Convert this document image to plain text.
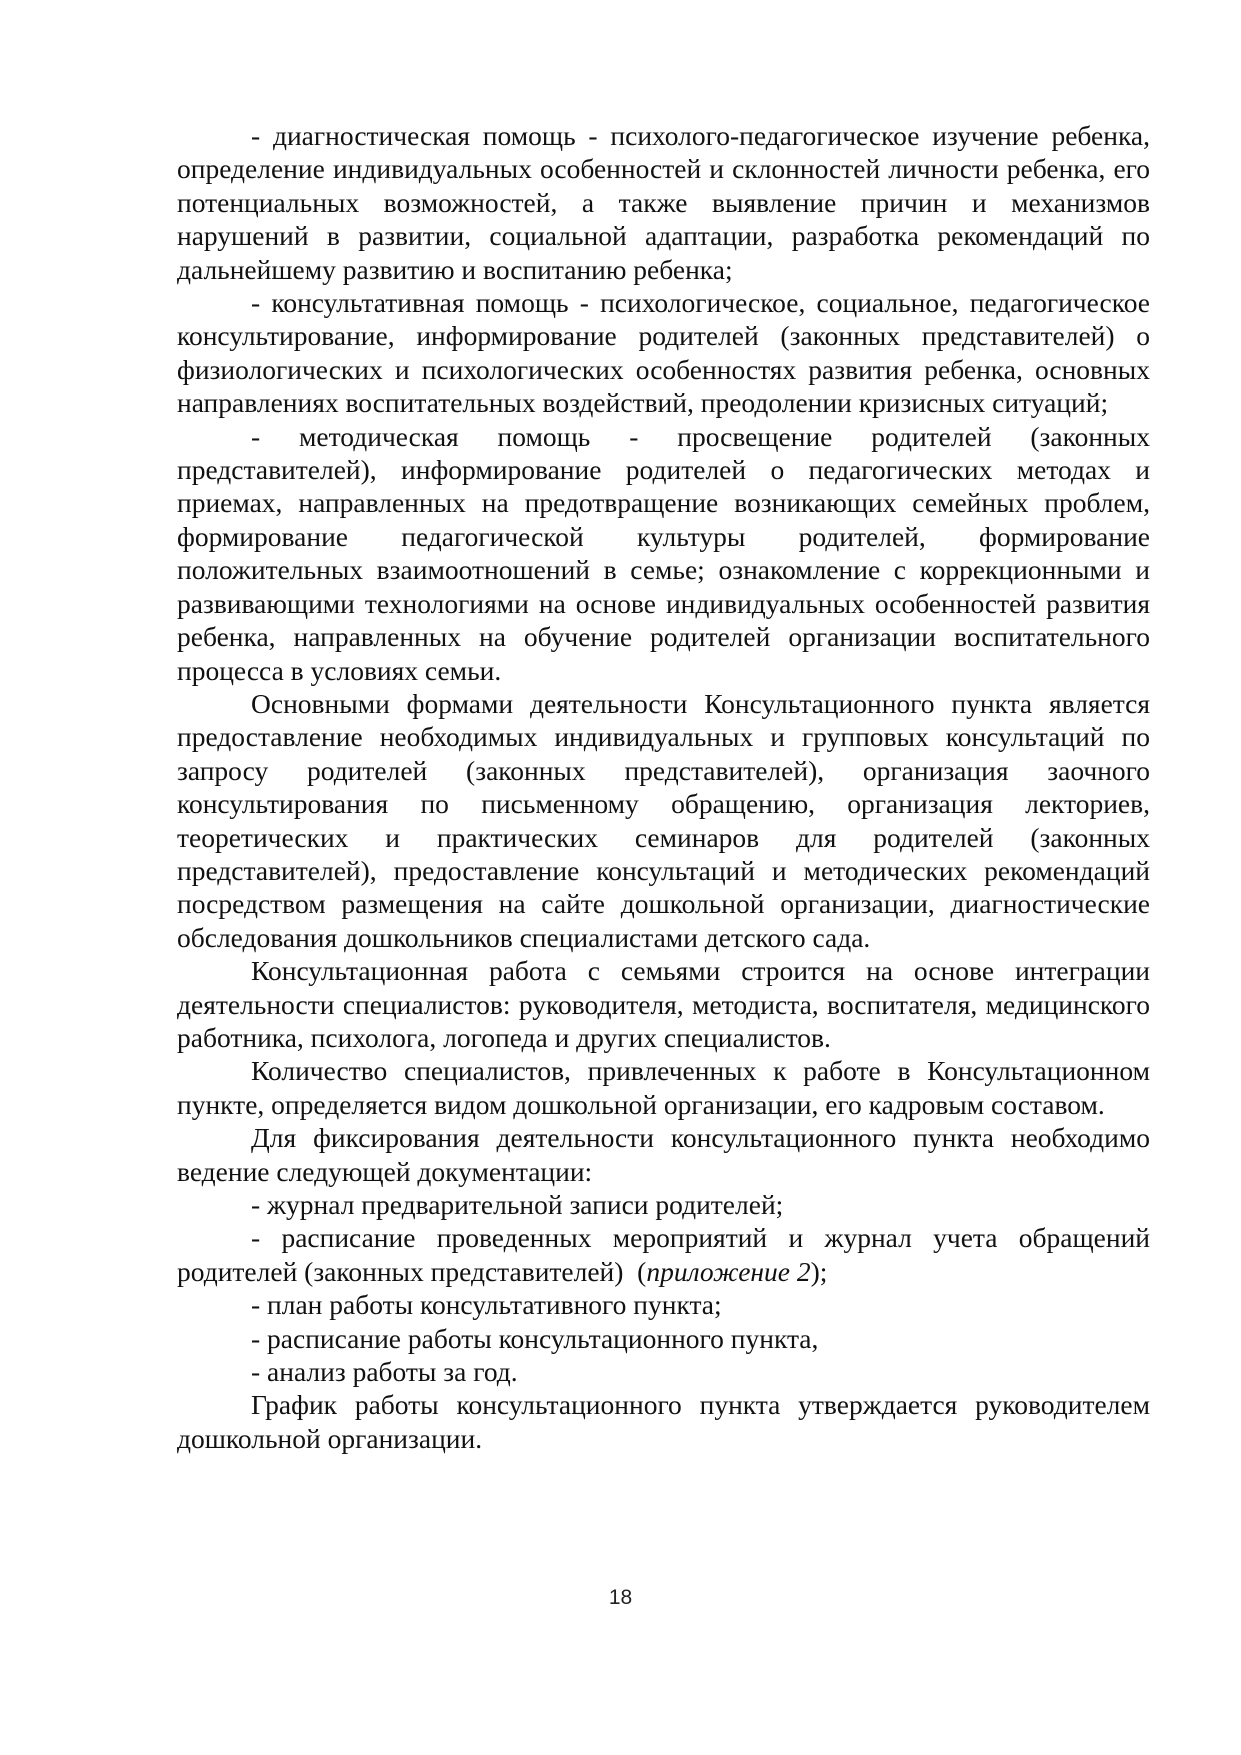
- диагностическая помощь - психолого-педагогическое изучение ребенка, определение индивидуальных особенностей и склонностей личности ребенка, его потенциальных возможностей, а также выявление причин и механизмов нарушений в развитии, социальной адаптации, разработка рекомендаций по дальнейшему развитию и воспитанию ребенка;

- консультативная помощь - психологическое, социальное, педагогическое консультирование, информирование родителей (законных представителей) о физиологических и психологических особенностях развития ребенка, основных направлениях воспитательных воздействий, преодолении кризисных ситуаций;

- методическая помощь - просвещение родителей (законных представителей), информирование родителей о педагогических методах и приемах, направленных на предотвращение возникающих семейных проблем, формирование педагогической культуры родителей, формирование положительных взаимоотношений в семье; ознакомление с коррекционными и развивающими технологиями на основе индивидуальных особенностей развития ребенка, направленных на обучение родителей организации воспитательного процесса в условиях семьи.

Основными формами деятельности Консультационного пункта является предоставление необходимых индивидуальных и групповых консультаций по запросу родителей (законных представителей), организация заочного консультирования по письменному обращению, организация лекториев, теоретических и практических семинаров для родителей (законных представителей), предоставление консультаций и методических рекомендаций посредством размещения на сайте дошкольной организации, диагностические обследования дошкольников специалистами детского сада.

Консультационная работа с семьями строится на основе интеграции деятельности специалистов: руководителя, методиста, воспитателя, медицинского работника, психолога, логопеда и других специалистов.

Количество специалистов, привлеченных к работе в Консультационном пункте, определяется видом дошкольной организации, его кадровым составом.

Для фиксирования деятельности консультационного пункта необходимо ведение следующей документации:

- журнал предварительной записи родителей;

- расписание проведенных мероприятий и журнал учета обращений родителей (законных представителей)  (приложение 2);

- план работы консультативного пункта;

- расписание работы консультационного пункта,

- анализ работы за год.

График работы консультационного пункта утверждается руководителем дошкольной организации.

18
